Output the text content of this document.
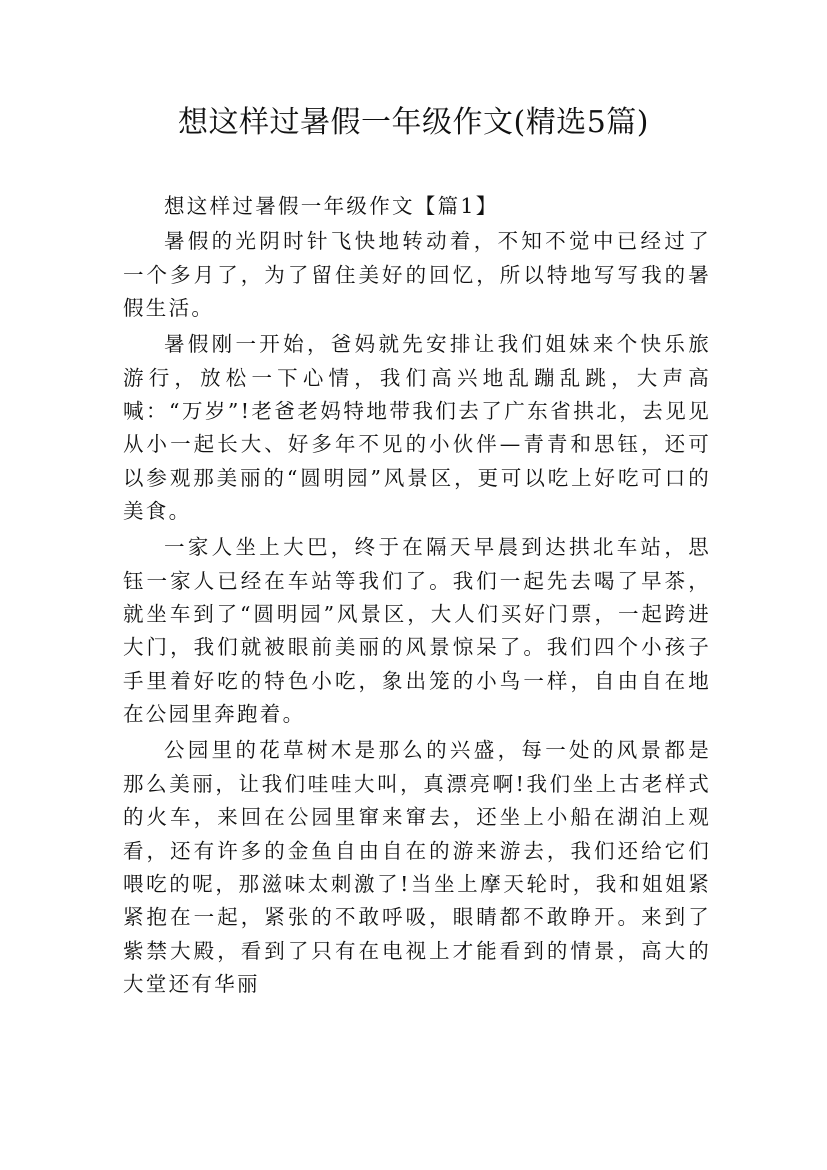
想这样过暑假一年级作文(精选5篇)

想这样过暑假一年级作文【篇1】

暑假的光阴时针飞快地转动着，不知不觉中已经过了一个多月了，为了留住美好的回忆，所以特地写写我的暑假生活。

暑假刚一开始，爸妈就先安排让我们姐妹来个快乐旅游行，放松一下心情，我们高兴地乱蹦乱跳，大声高喊：“万岁”!老爸老妈特地带我们去了广东省拱北，去见见从小一起长大、好多年不见的小伙伴—青青和思钰，还可以参观那美丽的“圆明园”风景区，更可以吃上好吃可口的美食。

一家人坐上大巴，终于在隔天早晨到达拱北车站，思钰一家人已经在车站等我们了。我们一起先去喝了早茶，就坐车到了“圆明园”风景区，大人们买好门票，一起跨进大门，我们就被眼前美丽的风景惊呆了。我们四个小孩子手里着好吃的特色小吃，象出笼的小鸟一样，自由自在地在公园里奔跑着。

公园里的花草树木是那么的兴盛，每一处的风景都是那么美丽，让我们哇哇大叫，真漂亮啊!我们坐上古老样式的火车，来回在公园里窜来窜去，还坐上小船在湖泊上观看，还有许多的金鱼自由自在的游来游去，我们还给它们喂吃的呢，那滋味太刺激了!当坐上摩天轮时，我和姐姐紧紧抱在一起，紧张的不敢呼吸，眼睛都不敢睁开。来到了紫禁大殿，看到了只有在电视上才能看到的情景，高大的大堂还有华丽
